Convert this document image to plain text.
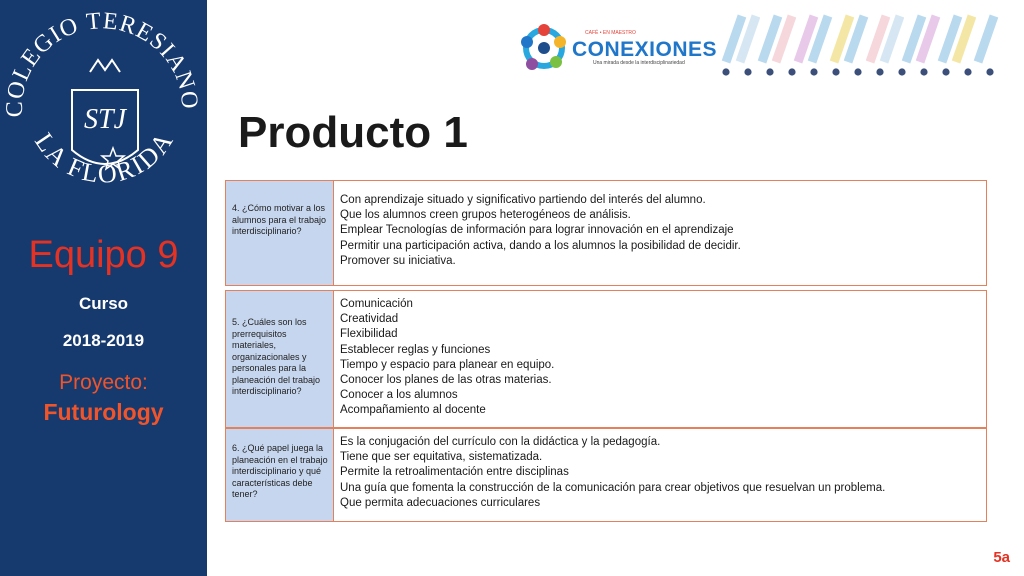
COLEGIO TERESIANO
LA FLORIDA
STJ
Equipo 9
Curso
2018-2019
Proyecto:
Futurology
CAFÉ • EN MAESTRO
CONEXIONES
Una mirada desde la interdisciplinariedad
Producto 1
4. ¿Cómo motivar a los alumnos para el trabajo interdisciplinario?
Con aprendizaje situado y significativo partiendo del interés del alumno.
Que los alumnos creen grupos heterogéneos de análisis.
Emplear Tecnologías de información para lograr innovación en el aprendizaje
Permitir una participación activa, dando a los alumnos la posibilidad de decidir.
Promover su iniciativa.
5. ¿Cuáles son los prerrequisitos materiales, organizacionales y personales para la planeación del trabajo interdisciplinario?
Comunicación
Creatividad
Flexibilidad
Establecer reglas y funciones
Tiempo y espacio para planear en equipo.
Conocer los planes de las otras materias.
Conocer a los alumnos
Acompañamiento al docente
6. ¿Qué papel juega la planeación en el trabajo interdisciplinario y qué características debe tener?
Es la conjugación del currículo con la didáctica y la pedagogía.
Tiene que ser equitativa, sistematizada.
Permite la retroalimentación entre disciplinas
Una guía que fomenta la construcción de la comunicación para crear objetivos que resuelvan un problema.
Que permita adecuaciones curriculares
5a
